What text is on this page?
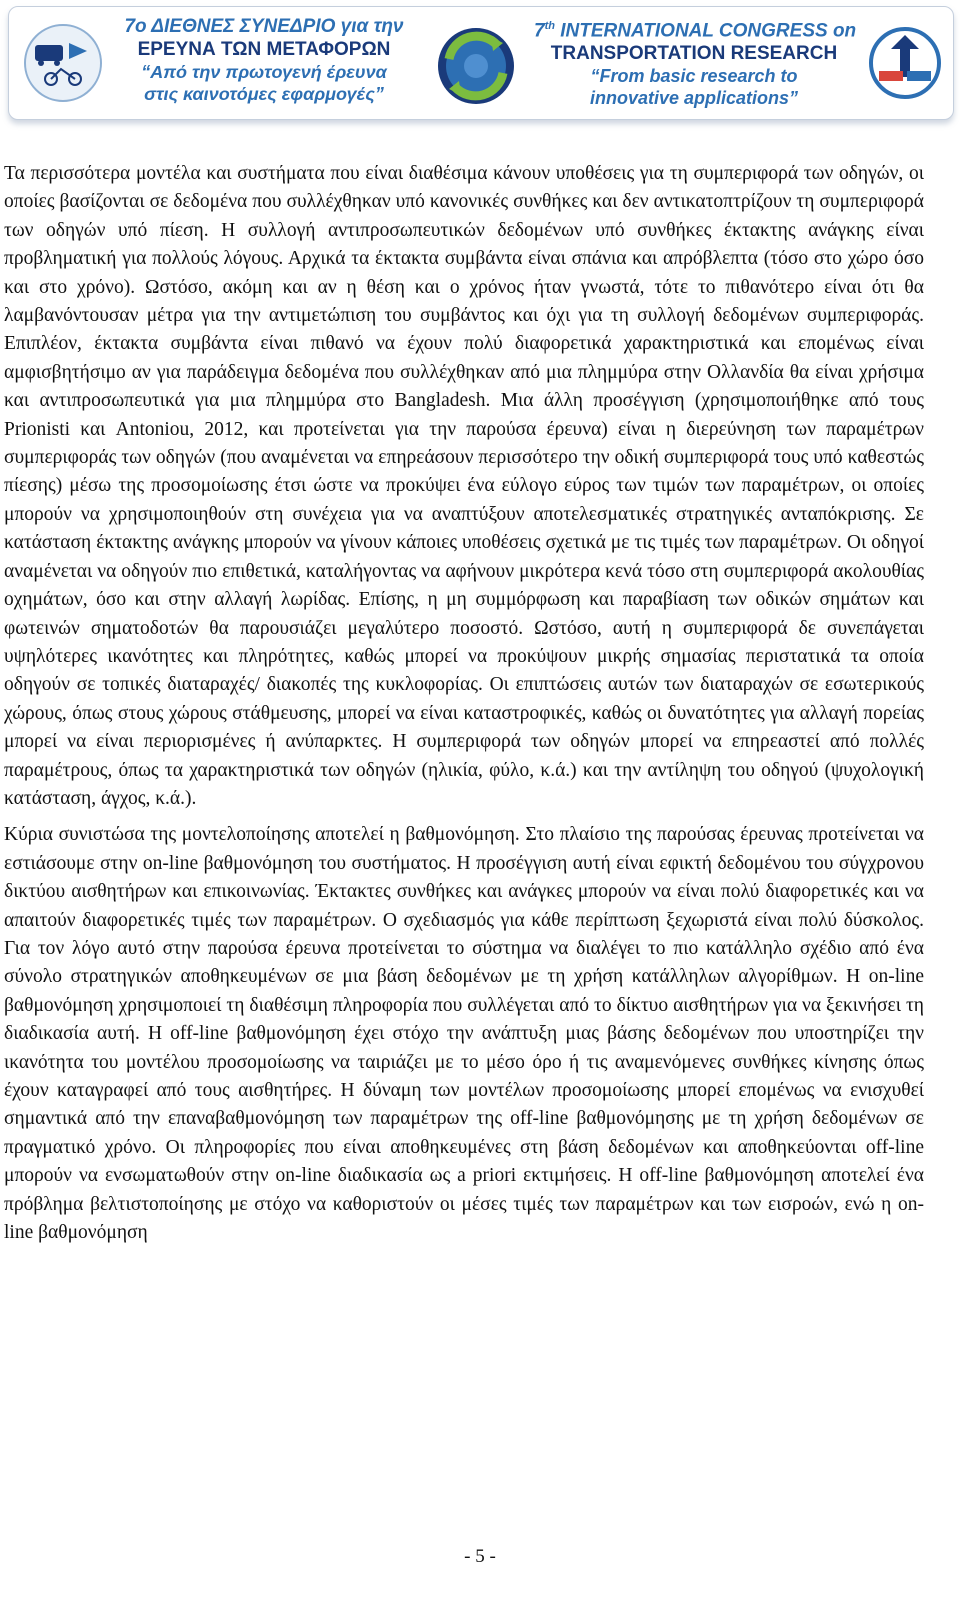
7ο ΔΙΕΘΝΕΣ ΣΥΝΕΔΡΙΟ για την
ΕΡΕΥΝΑ ΤΩΝ ΜΕΤΑΦΟΡΩΝ
“Από την πρωτογενή έρευνα
στις καινοτόμες εφαρμογές”
7th INTERNATIONAL CONGRESS on
TRANSPORTATION RESEARCH
“From basic research to
innovative applications”

Τα περισσότερα μοντέλα και συστήματα που είναι διαθέσιμα κάνουν υποθέσεις για τη συμπεριφορά των οδηγών, οι οποίες βασίζονται σε δεδομένα που συλλέχθηκαν υπό κανονικές συνθήκες και δεν αντικατοπτρίζουν τη συμπεριφορά των οδηγών υπό πίεση. Η συλλογή αντιπροσωπευτικών δεδομένων υπό συνθήκες έκτακτης ανάγκης είναι προβληματική για πολλούς λόγους. Αρχικά τα έκτακτα συμβάντα είναι σπάνια και απρόβλεπτα (τόσο στο χώρο όσο και στο χρόνο). Ωστόσο, ακόμη και αν η θέση και ο χρόνος ήταν γνωστά, τότε το πιθανότερο είναι ότι θα λαμβανόντουσαν μέτρα για την αντιμετώπιση του συμβάντος και όχι για τη συλλογή δεδομένων συμπεριφοράς. Επιπλέον, έκτακτα συμβάντα είναι πιθανό να έχουν πολύ διαφορετικά χαρακτηριστικά και επομένως είναι αμφισβητήσιμο αν για παράδειγμα δεδομένα που συλλέχθηκαν από μια πλημμύρα στην Ολλανδία θα είναι χρήσιμα και αντιπροσωπευτικά για μια πλημμύρα στο Bangladesh. Μια άλλη προσέγγιση (χρησιμοποιήθηκε από τους Prionisti και Antoniou, 2012, και προτείνεται για την παρούσα έρευνα) είναι η διερεύνηση των παραμέτρων συμπεριφοράς των οδηγών (που αναμένεται να επηρεάσουν περισσότερο την οδική συμπεριφορά τους υπό καθεστώς πίεσης) μέσω της προσομοίωσης έτσι ώστε να προκύψει ένα εύλογο εύρος των τιμών των παραμέτρων, οι οποίες μπορούν να χρησιμοποιηθούν στη συνέχεια για να αναπτύξουν αποτελεσματικές στρατηγικές ανταπόκρισης. Σε κατάσταση έκτακτης ανάγκης μπορούν να γίνουν κάποιες υποθέσεις σχετικά με τις τιμές των παραμέτρων. Οι οδηγοί αναμένεται να οδηγούν πιο επιθετικά, καταλήγοντας να αφήνουν μικρότερα κενά τόσο στη συμπεριφορά ακολουθίας οχημάτων, όσο και στην αλλαγή λωρίδας. Επίσης, η μη συμμόρφωση και παραβίαση των οδικών σημάτων και φωτεινών σηματοδοτών θα παρουσιάζει μεγαλύτερο ποσοστό. Ωστόσο, αυτή η συμπεριφορά δε συνεπάγεται υψηλότερες ικανότητες και πληρότητες, καθώς μπορεί να προκύψουν μικρής σημασίας περιστατικά τα οποία οδηγούν σε τοπικές διαταραχές/ διακοπές της κυκλοφορίας. Οι επιπτώσεις αυτών των διαταραχών σε εσωτερικούς χώρους, όπως στους χώρους στάθμευσης, μπορεί να είναι καταστροφικές, καθώς οι δυνατότητες για αλλαγή πορείας μπορεί να είναι περιορισμένες ή ανύπαρκτες. Η συμπεριφορά των οδηγών μπορεί να επηρεαστεί από πολλές παραμέτρους, όπως τα χαρακτηριστικά των οδηγών (ηλικία, φύλο, κ.ά.) και την αντίληψη του οδηγού (ψυχολογική κατάσταση, άγχος, κ.ά.).

Κύρια συνιστώσα της μοντελοποίησης αποτελεί η βαθμονόμηση. Στο πλαίσιο της παρούσας έρευνας προτείνεται να εστιάσουμε στην on-line βαθμονόμηση του συστήματος. Η προσέγγιση αυτή είναι εφικτή δεδομένου του σύγχρονου δικτύου αισθητήρων και επικοινωνίας. Έκτακτες συνθήκες και ανάγκες μπορούν να είναι πολύ διαφορετικές και να απαιτούν διαφορετικές τιμές των παραμέτρων. Ο σχεδιασμός για κάθε περίπτωση ξεχωριστά είναι πολύ δύσκολος. Για τον λόγο αυτό στην παρούσα έρευνα προτείνεται το σύστημα να διαλέγει το πιο κατάλληλο σχέδιο από ένα σύνολο στρατηγικών αποθηκευμένων σε μια βάση δεδομένων με τη χρήση κατάλληλων αλγορίθμων. Η on-line βαθμονόμηση χρησιμοποιεί τη διαθέσιμη πληροφορία που συλλέγεται από το δίκτυο αισθητήρων για να ξεκινήσει τη διαδικασία αυτή. Η off-line βαθμονόμηση έχει στόχο την ανάπτυξη μιας βάσης δεδομένων που υποστηρίζει την ικανότητα του μοντέλου προσομοίωσης να ταιριάζει με το μέσο όρο ή τις αναμενόμενες συνθήκες κίνησης όπως έχουν καταγραφεί από τους αισθητήρες. Η δύναμη των μοντέλων προσομοίωσης μπορεί επομένως να ενισχυθεί σημαντικά από την επαναβαθμονόμηση των παραμέτρων της off-line βαθμονόμησης με τη χρήση δεδομένων σε πραγματικό χρόνο. Οι πληροφορίες που είναι αποθηκευμένες στη βάση δεδομένων και αποθηκεύονται off-line μπορούν να ενσωματωθούν στην on-line διαδικασία ως a priori εκτιμήσεις. Η off-line βαθμονόμηση αποτελεί ένα πρόβλημα βελτιστοποίησης με στόχο να καθοριστούν οι μέσες τιμές των παραμέτρων και των εισροών, ενώ η on-line βαθμονόμηση

- 5 -
